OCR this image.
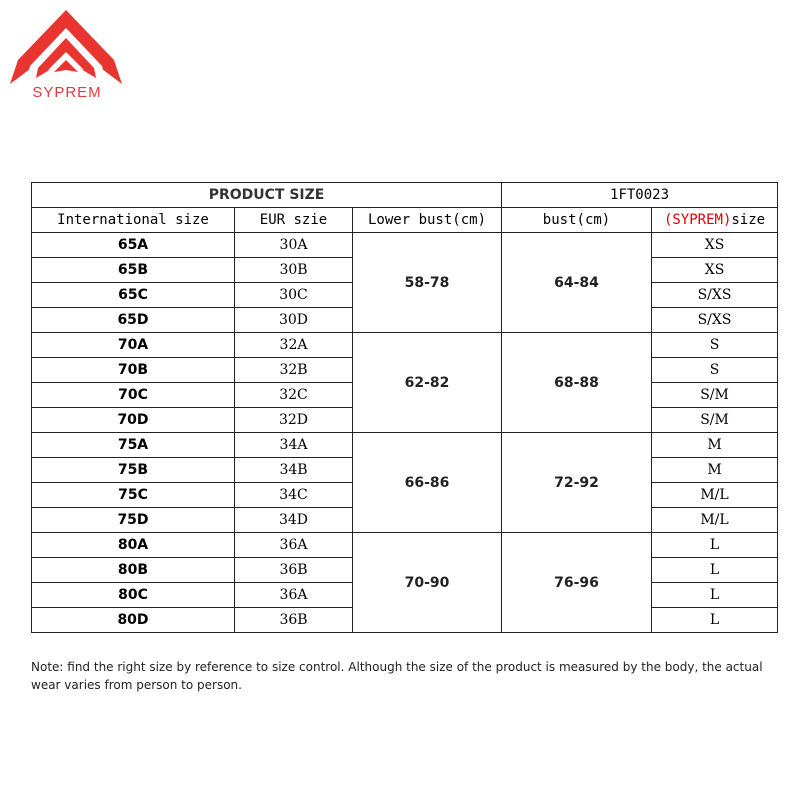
SYPREM
PRODUCT SIZE			1FT0023	
International size	EUR szie	Lower bust(cm)	bust(cm)	(SYPREM)size
65A	30A	58-78	64-84	XS
65B	30B			XS
65C	30C			S/XS
65D	30D			S/XS
70A	32A	62-82	68-88	S
70B	32B			S
70C	32C			S/M
70D	32D			S/M
75A	34A	66-86	72-92	M
75B	34B			M
75C	34C			M/L
75D	34D			M/L
80A	36A	70-90	76-96	L
80B	36B			L
80C	36A			L
80D	36B			L
Note: find the right size by reference to size control. Although the size of the product is measured by the body, the actual wear varies from person to person.
